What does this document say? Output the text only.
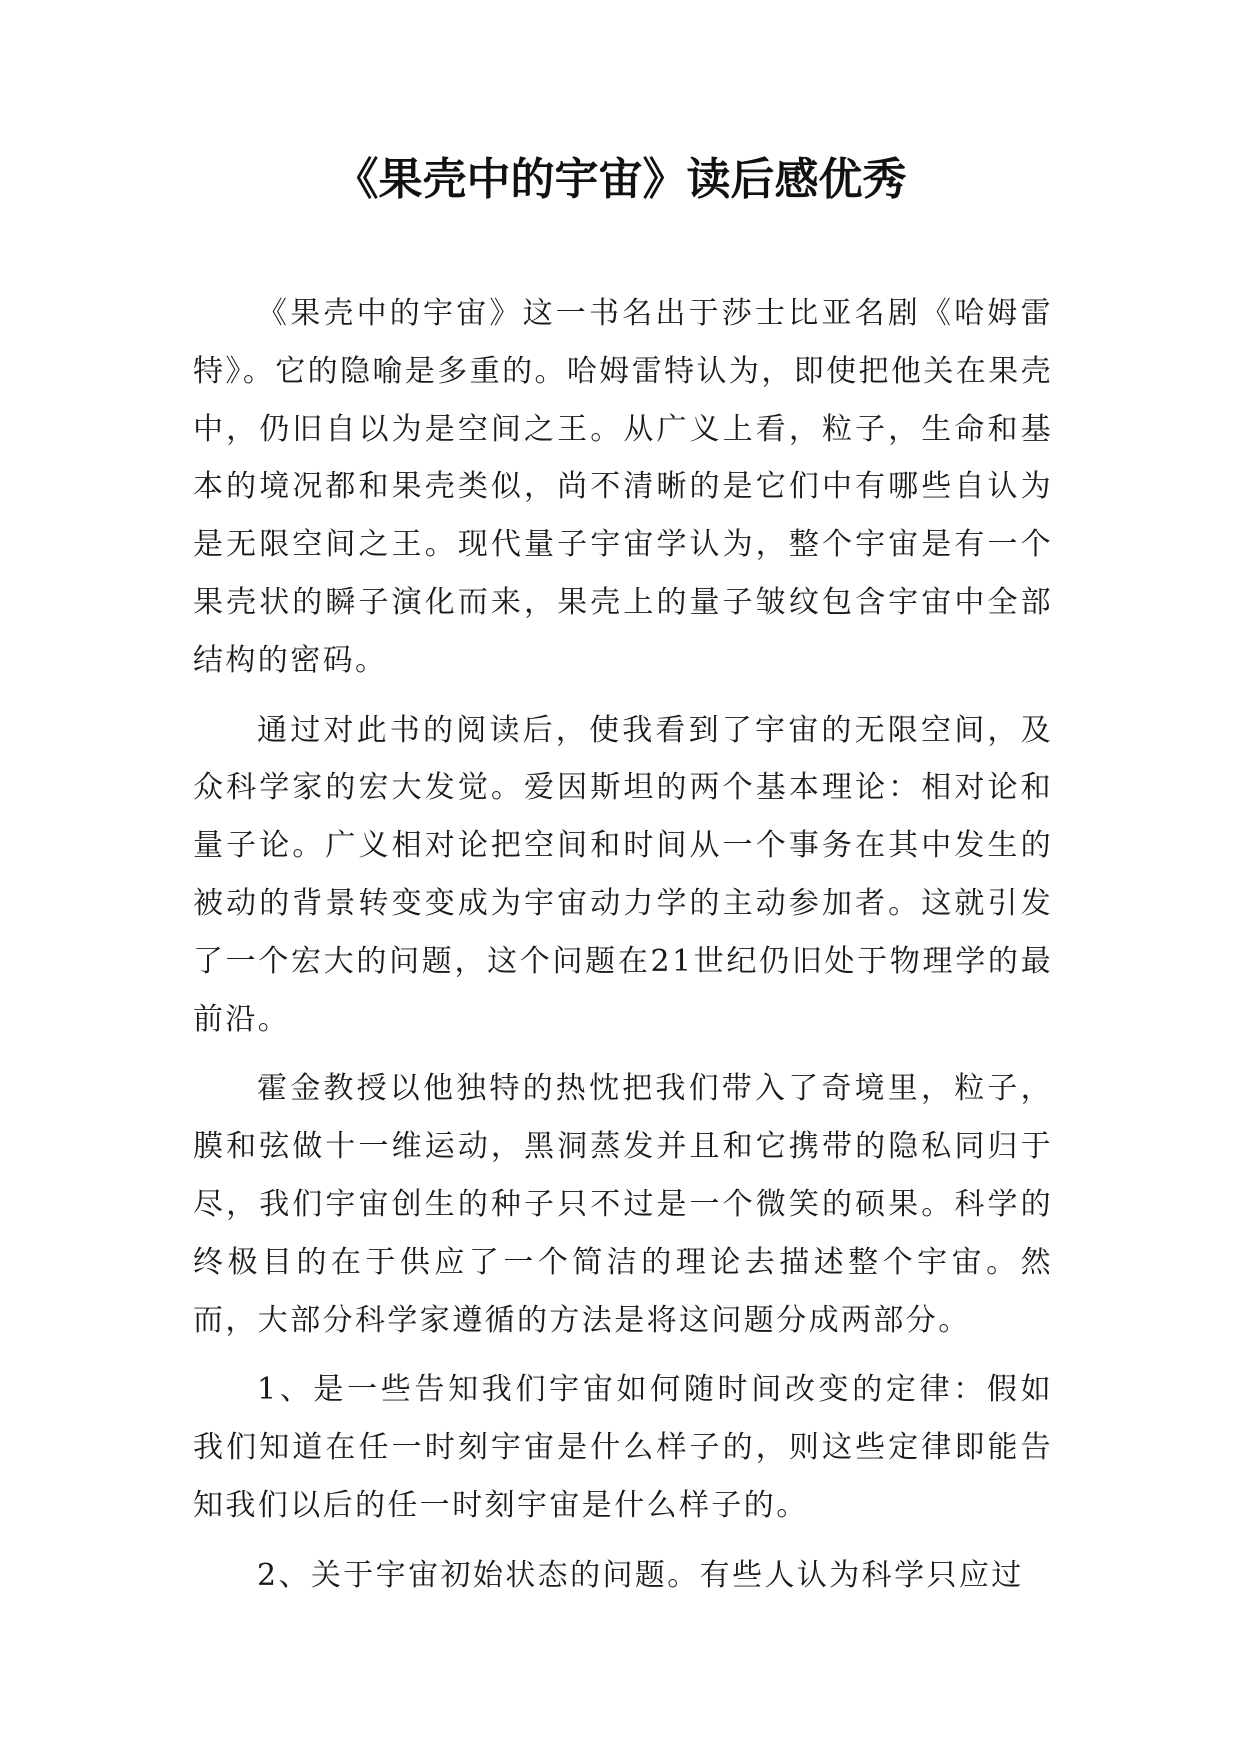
《果壳中的宇宙》读后感优秀

《果壳中的宇宙》这一书名出于莎士比亚名剧《哈姆雷特》。它的隐喻是多重的。哈姆雷特认为，即使把他关在果壳中，仍旧自以为是空间之王。从广义上看，粒子，生命和基本的境况都和果壳类似，尚不清晰的是它们中有哪些自认为是无限空间之王。现代量子宇宙学认为，整个宇宙是有一个果壳状的瞬子演化而来，果壳上的量子皱纹包含宇宙中全部结构的密码。

通过对此书的阅读后，使我看到了宇宙的无限空间，及众科学家的宏大发觉。爱因斯坦的两个基本理论：相对论和量子论。广义相对论把空间和时间从一个事务在其中发生的被动的背景转变变成为宇宙动力学的主动参加者。这就引发了一个宏大的问题，这个问题在21世纪仍旧处于物理学的最前沿。

霍金教授以他独特的热忱把我们带入了奇境里，粒子，膜和弦做十一维运动，黑洞蒸发并且和它携带的隐私同归于尽，我们宇宙创生的种子只不过是一个微笑的硕果。科学的终极目的在于供应了一个简洁的理论去描述整个宇宙。然而，大部分科学家遵循的方法是将这问题分成两部分。

1、是一些告知我们宇宙如何随时间改变的定律：假如我们知道在任一时刻宇宙是什么样子的，则这些定律即能告知我们以后的任一时刻宇宙是什么样子的。

2、关于宇宙初始状态的问题。有些人认为科学只应过
